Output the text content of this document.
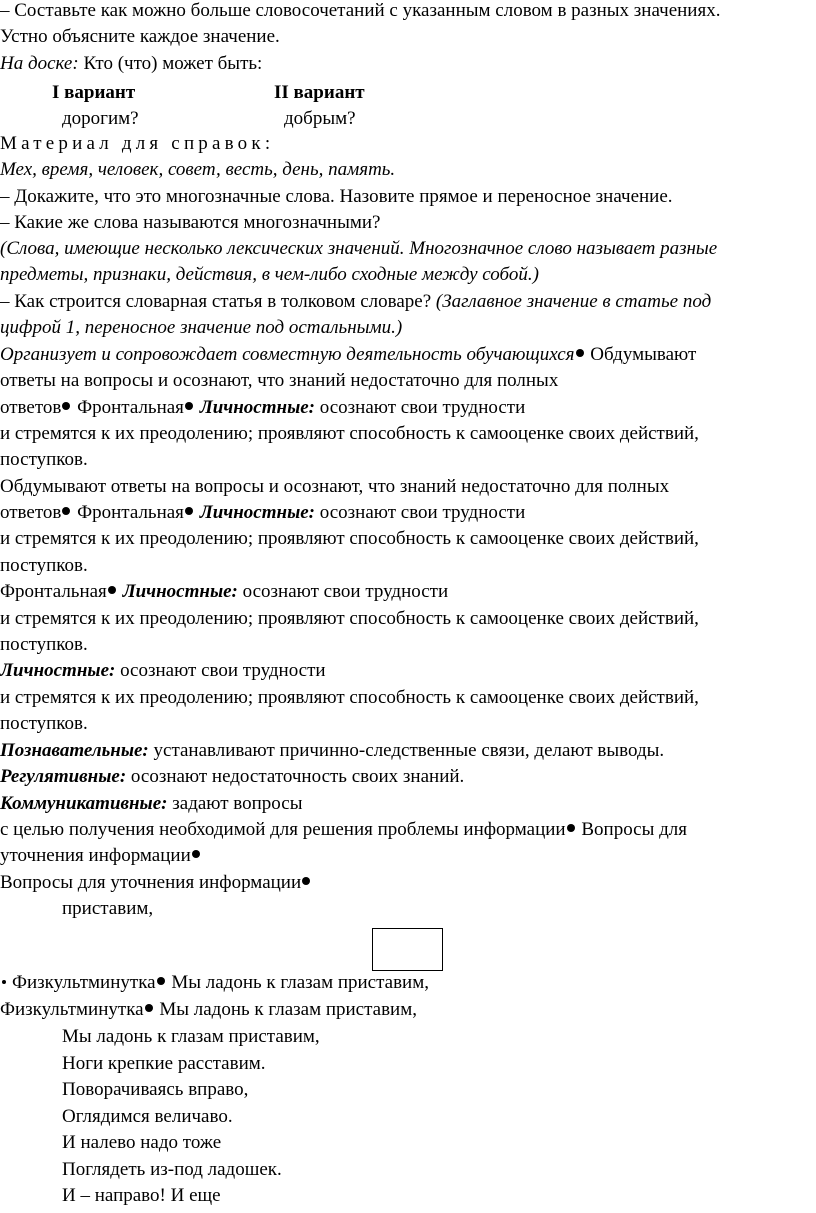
– Составьте как можно больше словосочетаний с указанным словом в разных значениях.
Устно объясните каждое значение.
На доске: Кто (что) может быть:
I вариант	II вариант
дорогим?	добрым?
Материал для справок:
Мех, время, человек, совет, весть, день, память.
– Докажите, что это многозначные слова. Назовите прямое и переносное значение.
– Какие же слова называются многозначными?
(Слова, имеющие несколько лексических значений. Многозначное слово называет разные
предметы, признаки, действия, в чем-либо сходные между собой.)
– Как строится словарная статья в толковом словаре? (Заглавное значение в статье под
цифрой 1, переносное значение под остальными.)
Организует и сопровождает совместную деятельность обучающихся Обдумывают
ответы на вопросы и осознают, что знаний недостаточно для полных
ответов Фронтальная Личностные: осознают свои трудности
и стремятся к их преодолению; проявляют способность к самооценке своих действий,
поступков.
Обдумывают ответы на вопросы и осознают, что знаний недостаточно для полных
ответов Фронтальная Личностные: осознают свои трудности
и стремятся к их преодолению; проявляют способность к самооценке своих действий,
поступков.
Фронтальная Личностные: осознают свои трудности
и стремятся к их преодолению; проявляют способность к самооценке своих действий,
поступков.
Личностные: осознают свои трудности
и стремятся к их преодолению; проявляют способность к самооценке своих действий,
поступков.
Познавательные: устанавливают причинно-следственные связи, делают выводы.
Регулятивные: осознают недостаточность своих знаний.
Коммуникативные: задают вопросы
с целью получения необходимой для решения проблемы информации Вопросы для
уточнения информации
Вопросы для уточнения информации
приставим,
Физкультминутка Мы ладонь к глазам приставим,
Физкультминутка Мы ладонь к глазам приставим,
Мы ладонь к глазам приставим,
Ноги крепкие расставим.
Поворачиваясь вправо,
Оглядимся величаво.
И налево надо тоже
Поглядеть из-под ладошек.
И – направо! И еще
